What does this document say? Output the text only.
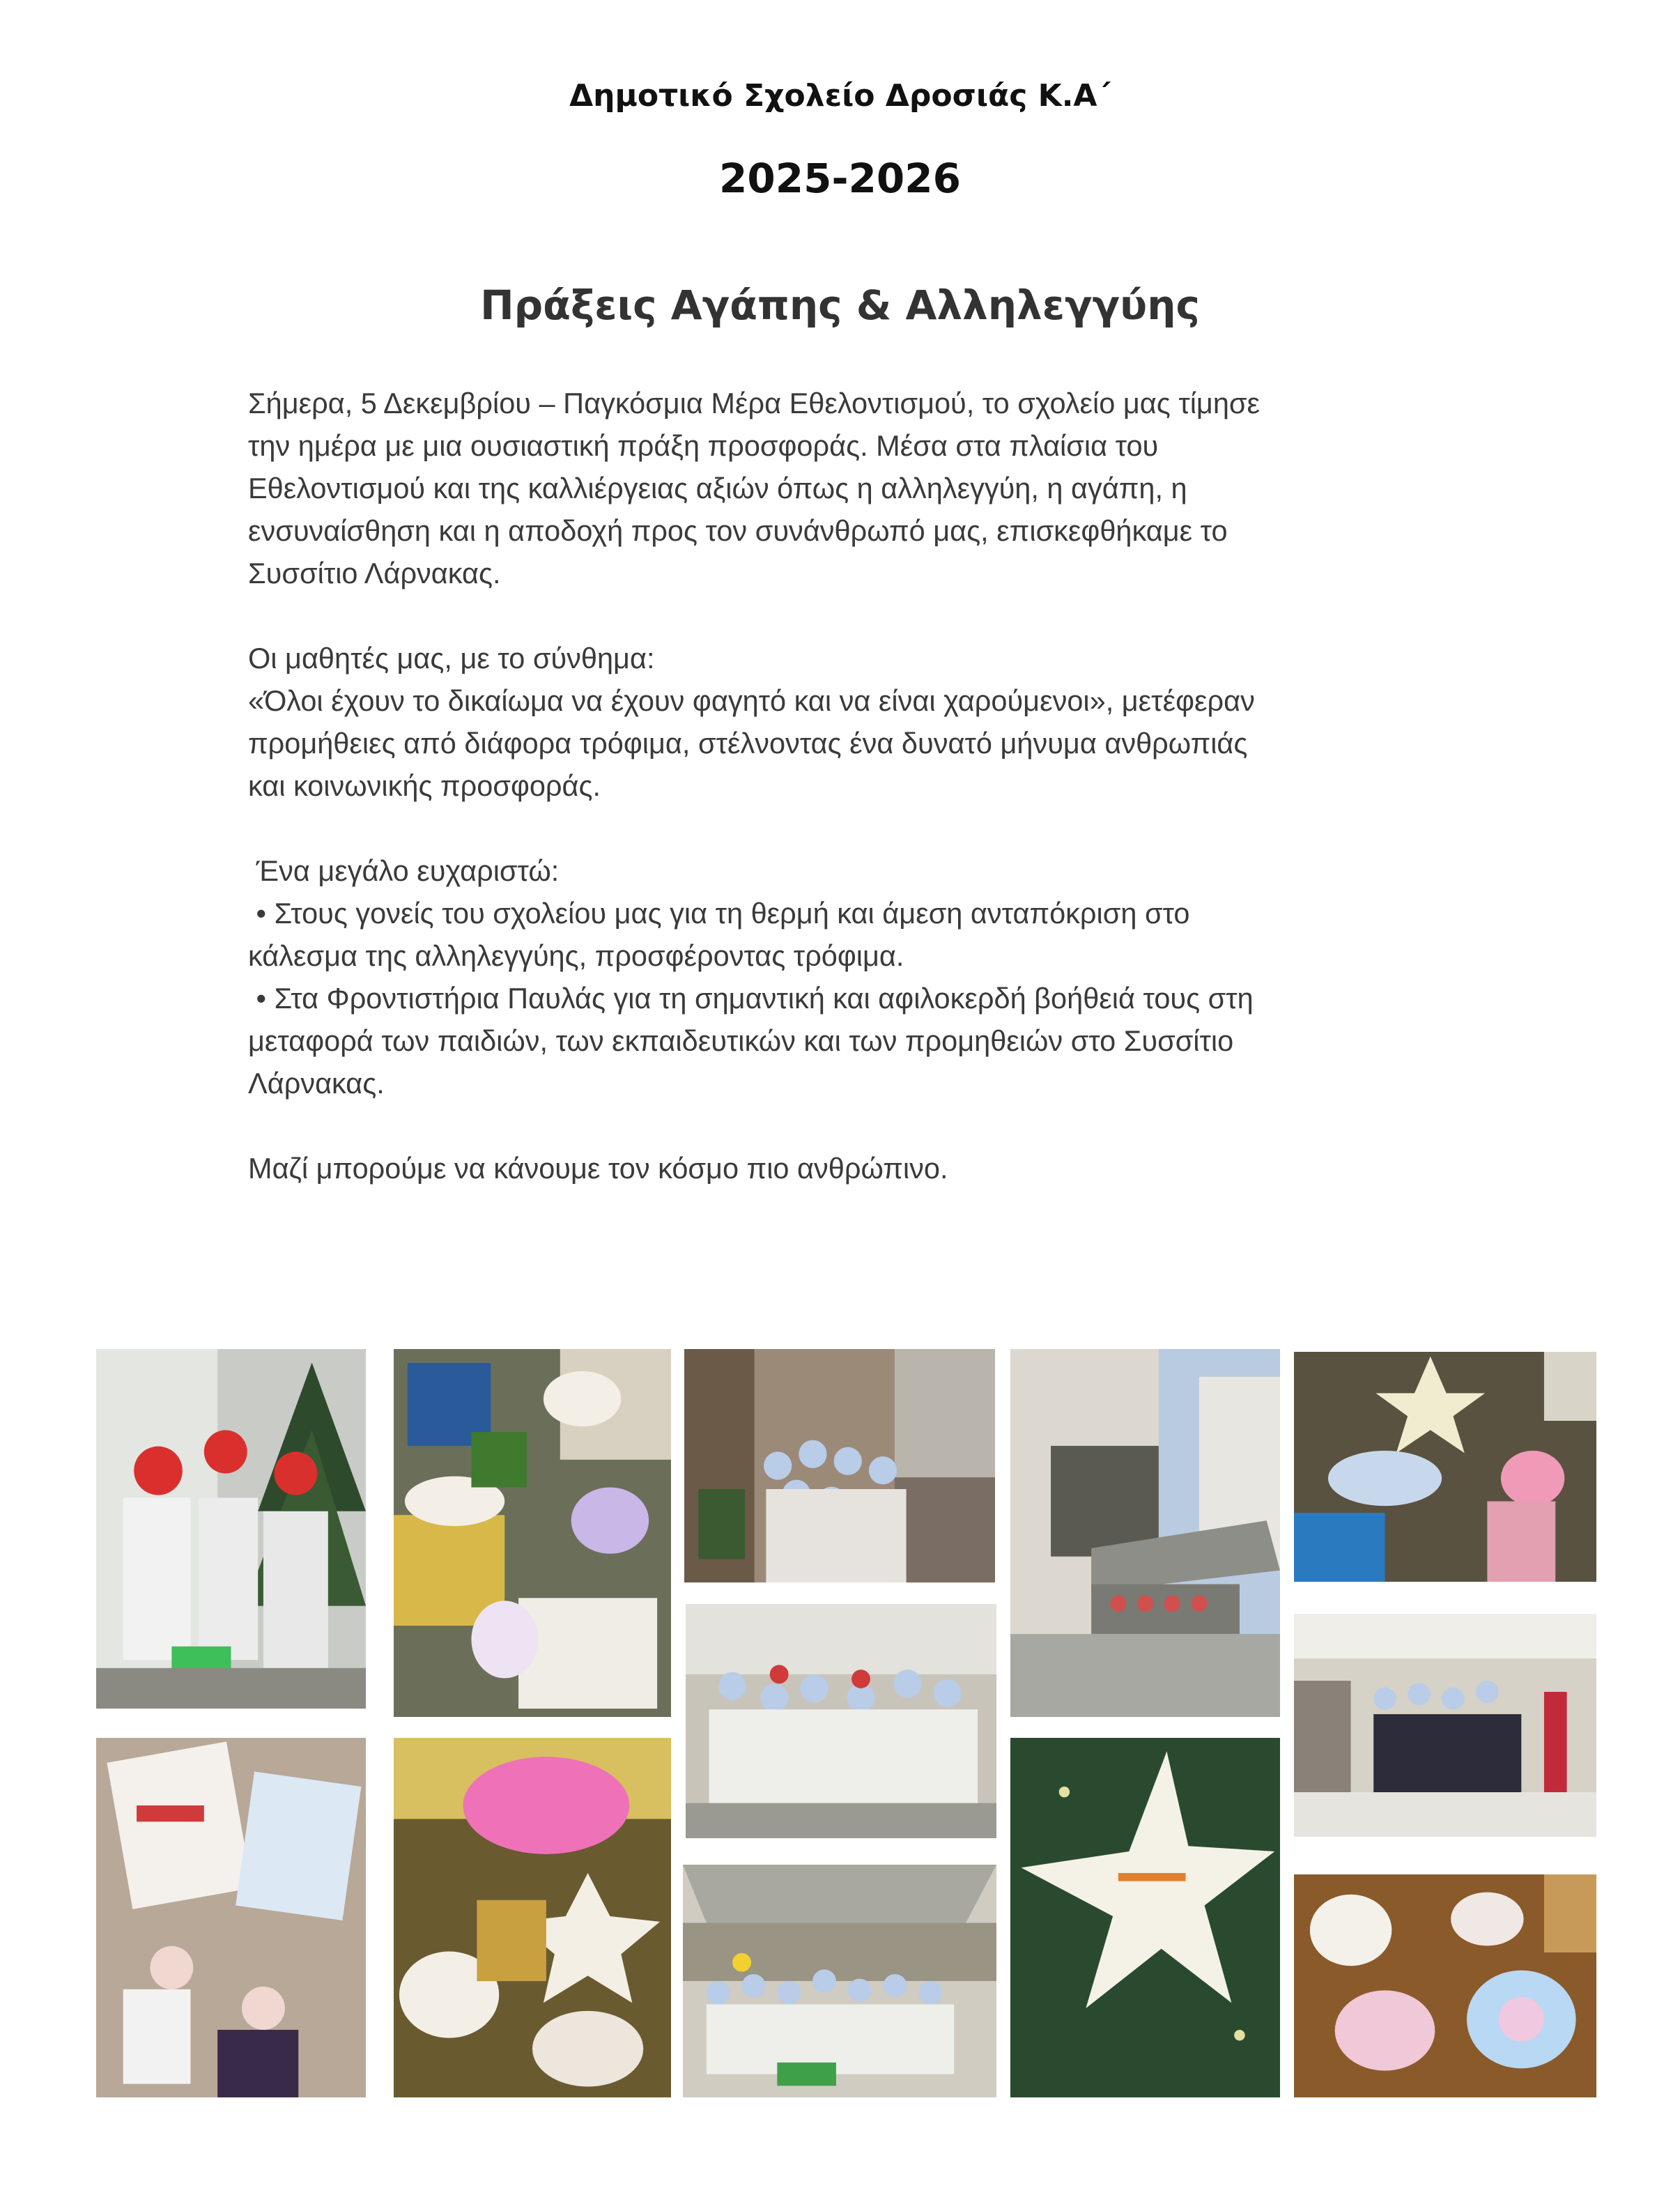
Δημοτικό Σχολείο Δροσιάς Κ.Α΄
2025-2026
Πράξεις Αγάπης & Αλληλεγγύης

Σήμερα, 5 Δεκεμβρίου – Παγκόσμια Μέρα Εθελοντισμού, το σχολείο μας τίμησε
την ημέρα με μια ουσιαστική πράξη προσφοράς. Μέσα στα πλαίσια του
Εθελοντισμού και της καλλιέργειας αξιών όπως η αλληλεγγύη, η αγάπη, η
ενσυναίσθηση και η αποδοχή προς τον συνάνθρωπό μας, επισκεφθήκαμε το
Συσσίτιο Λάρνακας.

Οι μαθητές μας, με το σύνθημα:
«Όλοι έχουν το δικαίωμα να έχουν φαγητό και να είναι χαρούμενοι», μετέφεραν
προμήθειες από διάφορα τρόφιμα, στέλνοντας ένα δυνατό μήνυμα ανθρωπιάς
και κοινωνικής προσφοράς.

Ένα μεγάλο ευχαριστώ:
• Στους γονείς του σχολείου μας για τη θερμή και άμεση ανταπόκριση στο
κάλεσμα της αλληλεγγύης, προσφέροντας τρόφιμα.
• Στα Φροντιστήρια Παυλάς για τη σημαντική και αφιλοκερδή βοήθειά τους στη
μεταφορά των παιδιών, των εκπαιδευτικών και των προμηθειών στο Συσσίτιο
Λάρνακας.

Μαζί μπορούμε να κάνουμε τον κόσμο πιο ανθρώπινο.
